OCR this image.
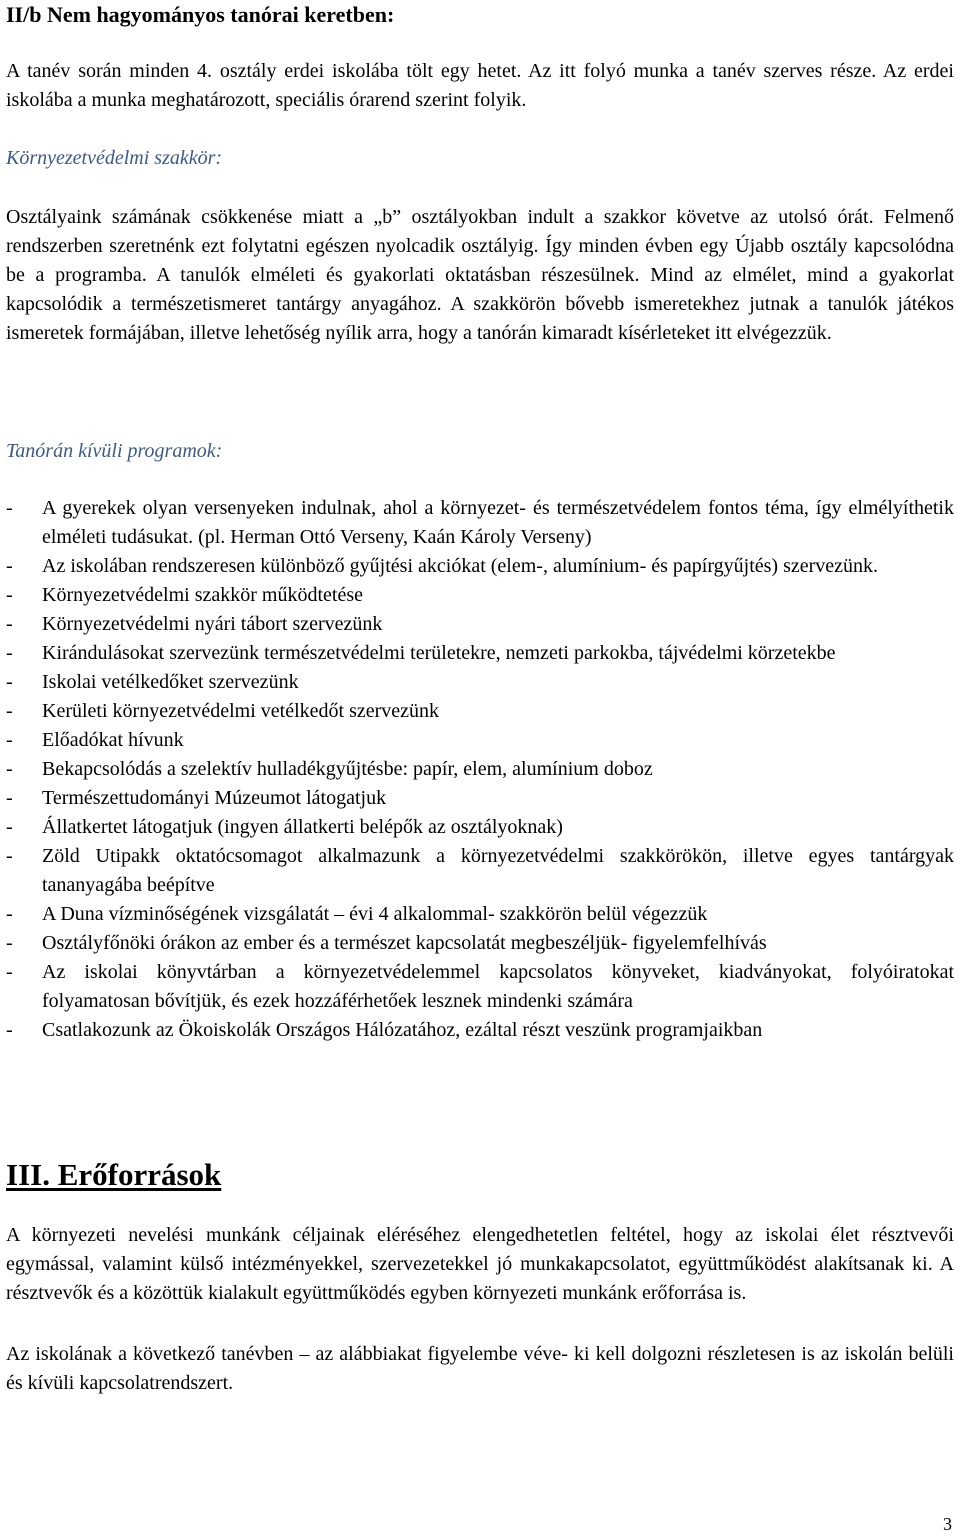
II/b Nem hagyományos tanórai keretben:
A tanév során minden 4. osztály erdei iskolába tölt egy hetet. Az itt folyó munka a tanév szerves része. Az erdei iskolába a munka meghatározott, speciális órarend szerint folyik.
Környezetvédelmi szakkör:
Osztályaink számának csökkenése miatt a „b” osztályokban indult a szakkor követve az utolsó órát. Felmenő rendszerben szeretnénk ezt folytatni egészen nyolcadik osztályig. Így minden évben egy Újabb osztály kapcsolódna be a programba. A tanulók elméleti és gyakorlati oktatásban részesülnek. Mind az elmélet, mind a gyakorlat kapcsolódik a természetismeret tantárgy anyagához. A szakkörön bővebb ismeretekhez jutnak a tanulók játékos ismeretek formájában, illetve lehetőség nyílik arra, hogy a tanórán kimaradt kísérleteket itt elvégezzük.
Tanórán kívüli programok:
- A gyerekek olyan versenyeken indulnak, ahol a környezet- és természetvédelem fontos téma, így elmélyíthetik elméleti tudásukat. (pl. Herman Ottó Verseny, Kaán Károly Verseny)
- Az iskolában rendszeresen különböző gyűjtési akciókat (elem-, alumínium- és papírgyűjtés) szervezünk.
- Környezetvédelmi szakkör működtetése
- Környezetvédelmi nyári tábort szervezünk
- Kirándulásokat szervezünk természetvédelmi területekre, nemzeti parkokba, tájvédelmi körzetekbe
- Iskolai vetélkedőket szervezünk
- Kerületi környezetvédelmi vetélkedőt szervezünk
- Előadókat hívunk
- Bekapcsolódás a szelektív hulladékgyűjtésbe: papír, elem, alumínium doboz
- Természettudományi Múzeumot látogatjuk
- Állatkertet látogatjuk (ingyen állatkerti belépők az osztályoknak)
- Zöld Utipakk oktatócsomagot alkalmazunk a környezetvédelmi szakkörökön, illetve egyes tantárgyak tananyagába beépítve
- A Duna vízminőségének vizsgálatát – évi 4 alkalommal- szakkörön belül végezzük
- Osztályfőnöki órákon az ember és a természet kapcsolatát megbeszéljük- figyelemfelhívás
- Az iskolai könyvtárban a környezetvédelemmel kapcsolatos könyveket, kiadványokat, folyóiratokat folyamatosan bővítjük, és ezek hozzáférhetőek lesznek mindenki számára
- Csatlakozunk az Ökoiskolák Országos Hálózatához, ezáltal részt veszünk programjaikban
III. Erőforrások
A környezeti nevelési munkánk céljainak eléréséhez elengedhetetlen feltétel, hogy az iskolai élet résztvevői egymással, valamint külső intézményekkel, szervezetekkel jó munkakapcsolatot, együttműködést alakítsanak ki. A résztvevők és a közöttük kialakult együttműködés egyben környezeti munkánk erőforrása is.
Az iskolának a következő tanévben – az alábbiakat figyelembe véve- ki kell dolgozni részletesen is az iskolán belüli és kívüli kapcsolatrendszert.
3
